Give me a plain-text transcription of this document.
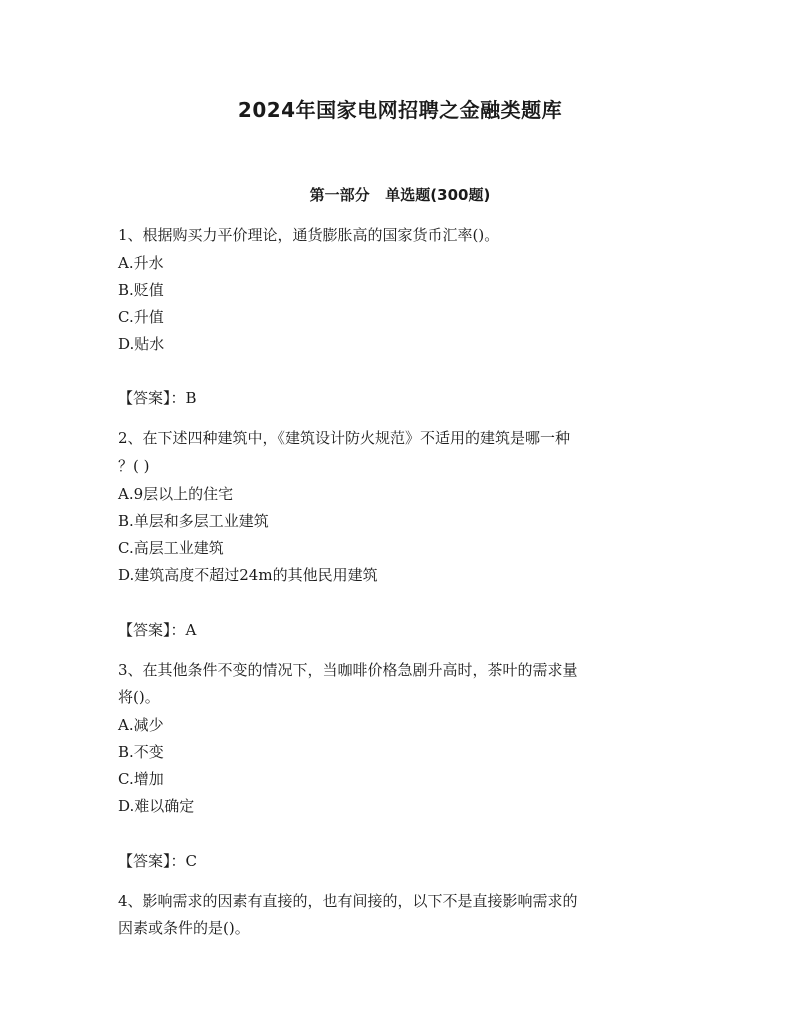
2024年国家电网招聘之金融类题库
第一部分   单选题(300题)
1、根据购买力平价理论，通货膨胀高的国家货币汇率()。
A.升水
B.贬值
C.升值
D.贴水
【答案】：B
2、在下述四种建筑中，《建筑设计防火规范》不适用的建筑是哪一种
？( )
A.9层以上的住宅
B.单层和多层工业建筑
C.高层工业建筑
D.建筑高度不超过24m的其他民用建筑
【答案】：A
3、在其他条件不变的情况下，当咖啡价格急剧升高时，茶叶的需求量
将()。
A.减少
B.不变
C.增加
D.难以确定
【答案】：C
4、影响需求的因素有直接的，也有间接的，以下不是直接影响需求的
因素或条件的是()。
